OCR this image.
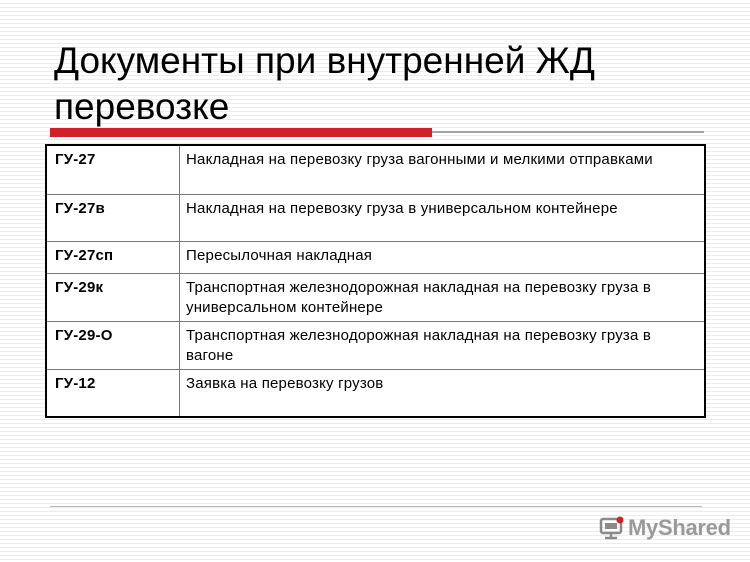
Документы при внутренней ЖД перевозке
ГУ-27	Накладная на перевозку груза вагонными и мелкими отправками
ГУ-27в	Накладная на перевозку груза в универсальном контейнере
ГУ-27сп	Пересылочная накладная
ГУ-29к	Транспортная железнодорожная накладная на перевозку груза в универсальном контейнере
ГУ-29-О	Транспортная железнодорожная накладная на перевозку груза в вагоне
ГУ-12	Заявка на перевозку грузов
MyShared
